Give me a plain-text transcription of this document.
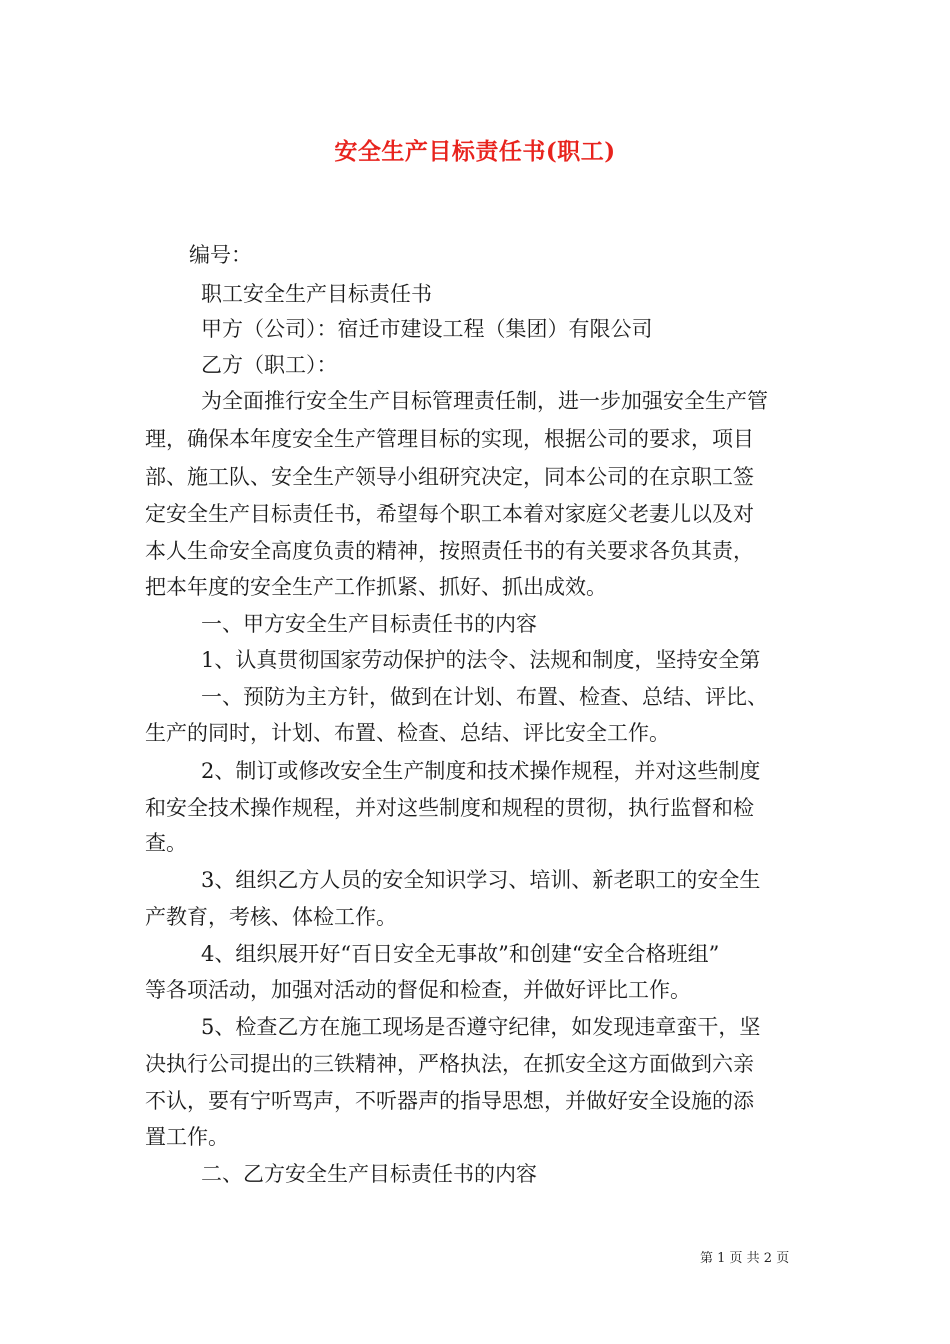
安全生产目标责任书(职工)
编号：
职工安全生产目标责任书
甲方（公司）：宿迁市建设工程（集团）有限公司
乙方（职工）：
为全面推行安全生产目标管理责任制，进一步加强安全生产管
理，确保本年度安全生产管理目标的实现，根据公司的要求，项目
部、施工队、安全生产领导小组研究决定，同本公司的在京职工签
定安全生产目标责任书，希望每个职工本着对家庭父老妻儿以及对
本人生命安全高度负责的精神，按照责任书的有关要求各负其责，
把本年度的安全生产工作抓紧、抓好、抓出成效。
一、甲方安全生产目标责任书的内容
1、认真贯彻国家劳动保护的法令、法规和制度，坚持安全第
一、预防为主方针，做到在计划、布置、检查、总结、评比、
生产的同时，计划、布置、检查、总结、评比安全工作。
2、制订或修改安全生产制度和技术操作规程，并对这些制度
和安全技术操作规程，并对这些制度和规程的贯彻，执行监督和检
查。
3、组织乙方人员的安全知识学习、培训、新老职工的安全生
产教育，考核、体检工作。
4、组织展开好“百日安全无事故”和创建“安全合格班组”
等各项活动，加强对活动的督促和检查，并做好评比工作。
5、检查乙方在施工现场是否遵守纪律，如发现违章蛮干，坚
决执行公司提出的三铁精神，严格执法，在抓安全这方面做到六亲
不认，要有宁听骂声，不听器声的指导思想，并做好安全设施的添
置工作。
二、乙方安全生产目标责任书的内容
第 1 页 共 2 页
